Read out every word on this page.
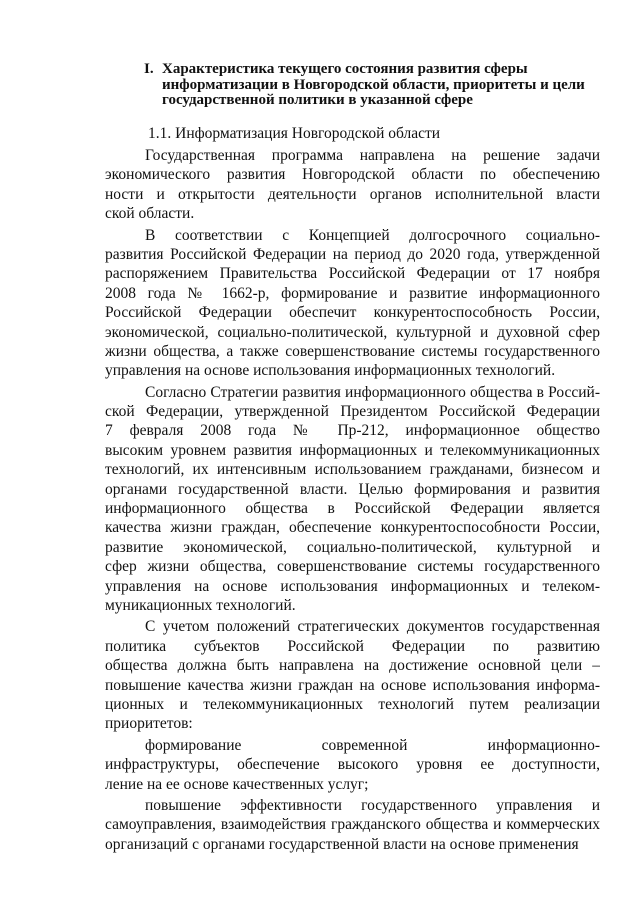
I. Характеристика текущего состояния развития сферы
информатизации в Новгородской области, приоритеты и цели
государственной политики в указанной сфере
1.1. Информатизация Новгородской области
Государственная программа направлена на решение задачи
экономического развития Новгородской области по обеспечению
ности и открытости деятельности органов исполнительной власти
ской области.
В соответствии с Концепцией долгосрочного социально-
развития Российской Федерации на период до 2020 года, утвержденной
распоряжением Правительства Российской Федерации от 17 ноября
2008 года № 1662-р, формирование и развитие информационного
Российской Федерации обеспечит конкурентоспособность России,
экономической, социально-политической, культурной и духовной сфер
жизни общества, а также совершенствование системы государственного
управления на основе использования информационных технологий.
Согласно Стратегии развития информационного общества в Россий-
ской Федерации, утвержденной Президентом Российской Федерации
7 февраля 2008 года № Пр-212, информационное общество
высоким уровнем развития информационных и телекоммуникационных
технологий, их интенсивным использованием гражданами, бизнесом и
органами государственной власти. Целью формирования и развития
информационного общества в Российской Федерации является
качества жизни граждан, обеспечение конкурентоспособности России,
развитие экономической, социально-политической, культурной и
сфер жизни общества, совершенствование системы государственного
управления на основе использования информационных и телеком-
муникационных технологий.
С учетом положений стратегических документов государственная
политика субъектов Российской Федерации по развитию
общества должна быть направлена на достижение основной цели –
повышение качества жизни граждан на основе использования информа-
ционных и телекоммуникационных технологий путем реализации
приоритетов:
формирование современной информационно-
инфраструктуры, обеспечение высокого уровня ее доступности,
ление на ее основе качественных услуг;
повышение эффективности государственного управления и
самоуправления, взаимодействия гражданского общества и коммерческих
организаций с органами государственной власти на основе применения
